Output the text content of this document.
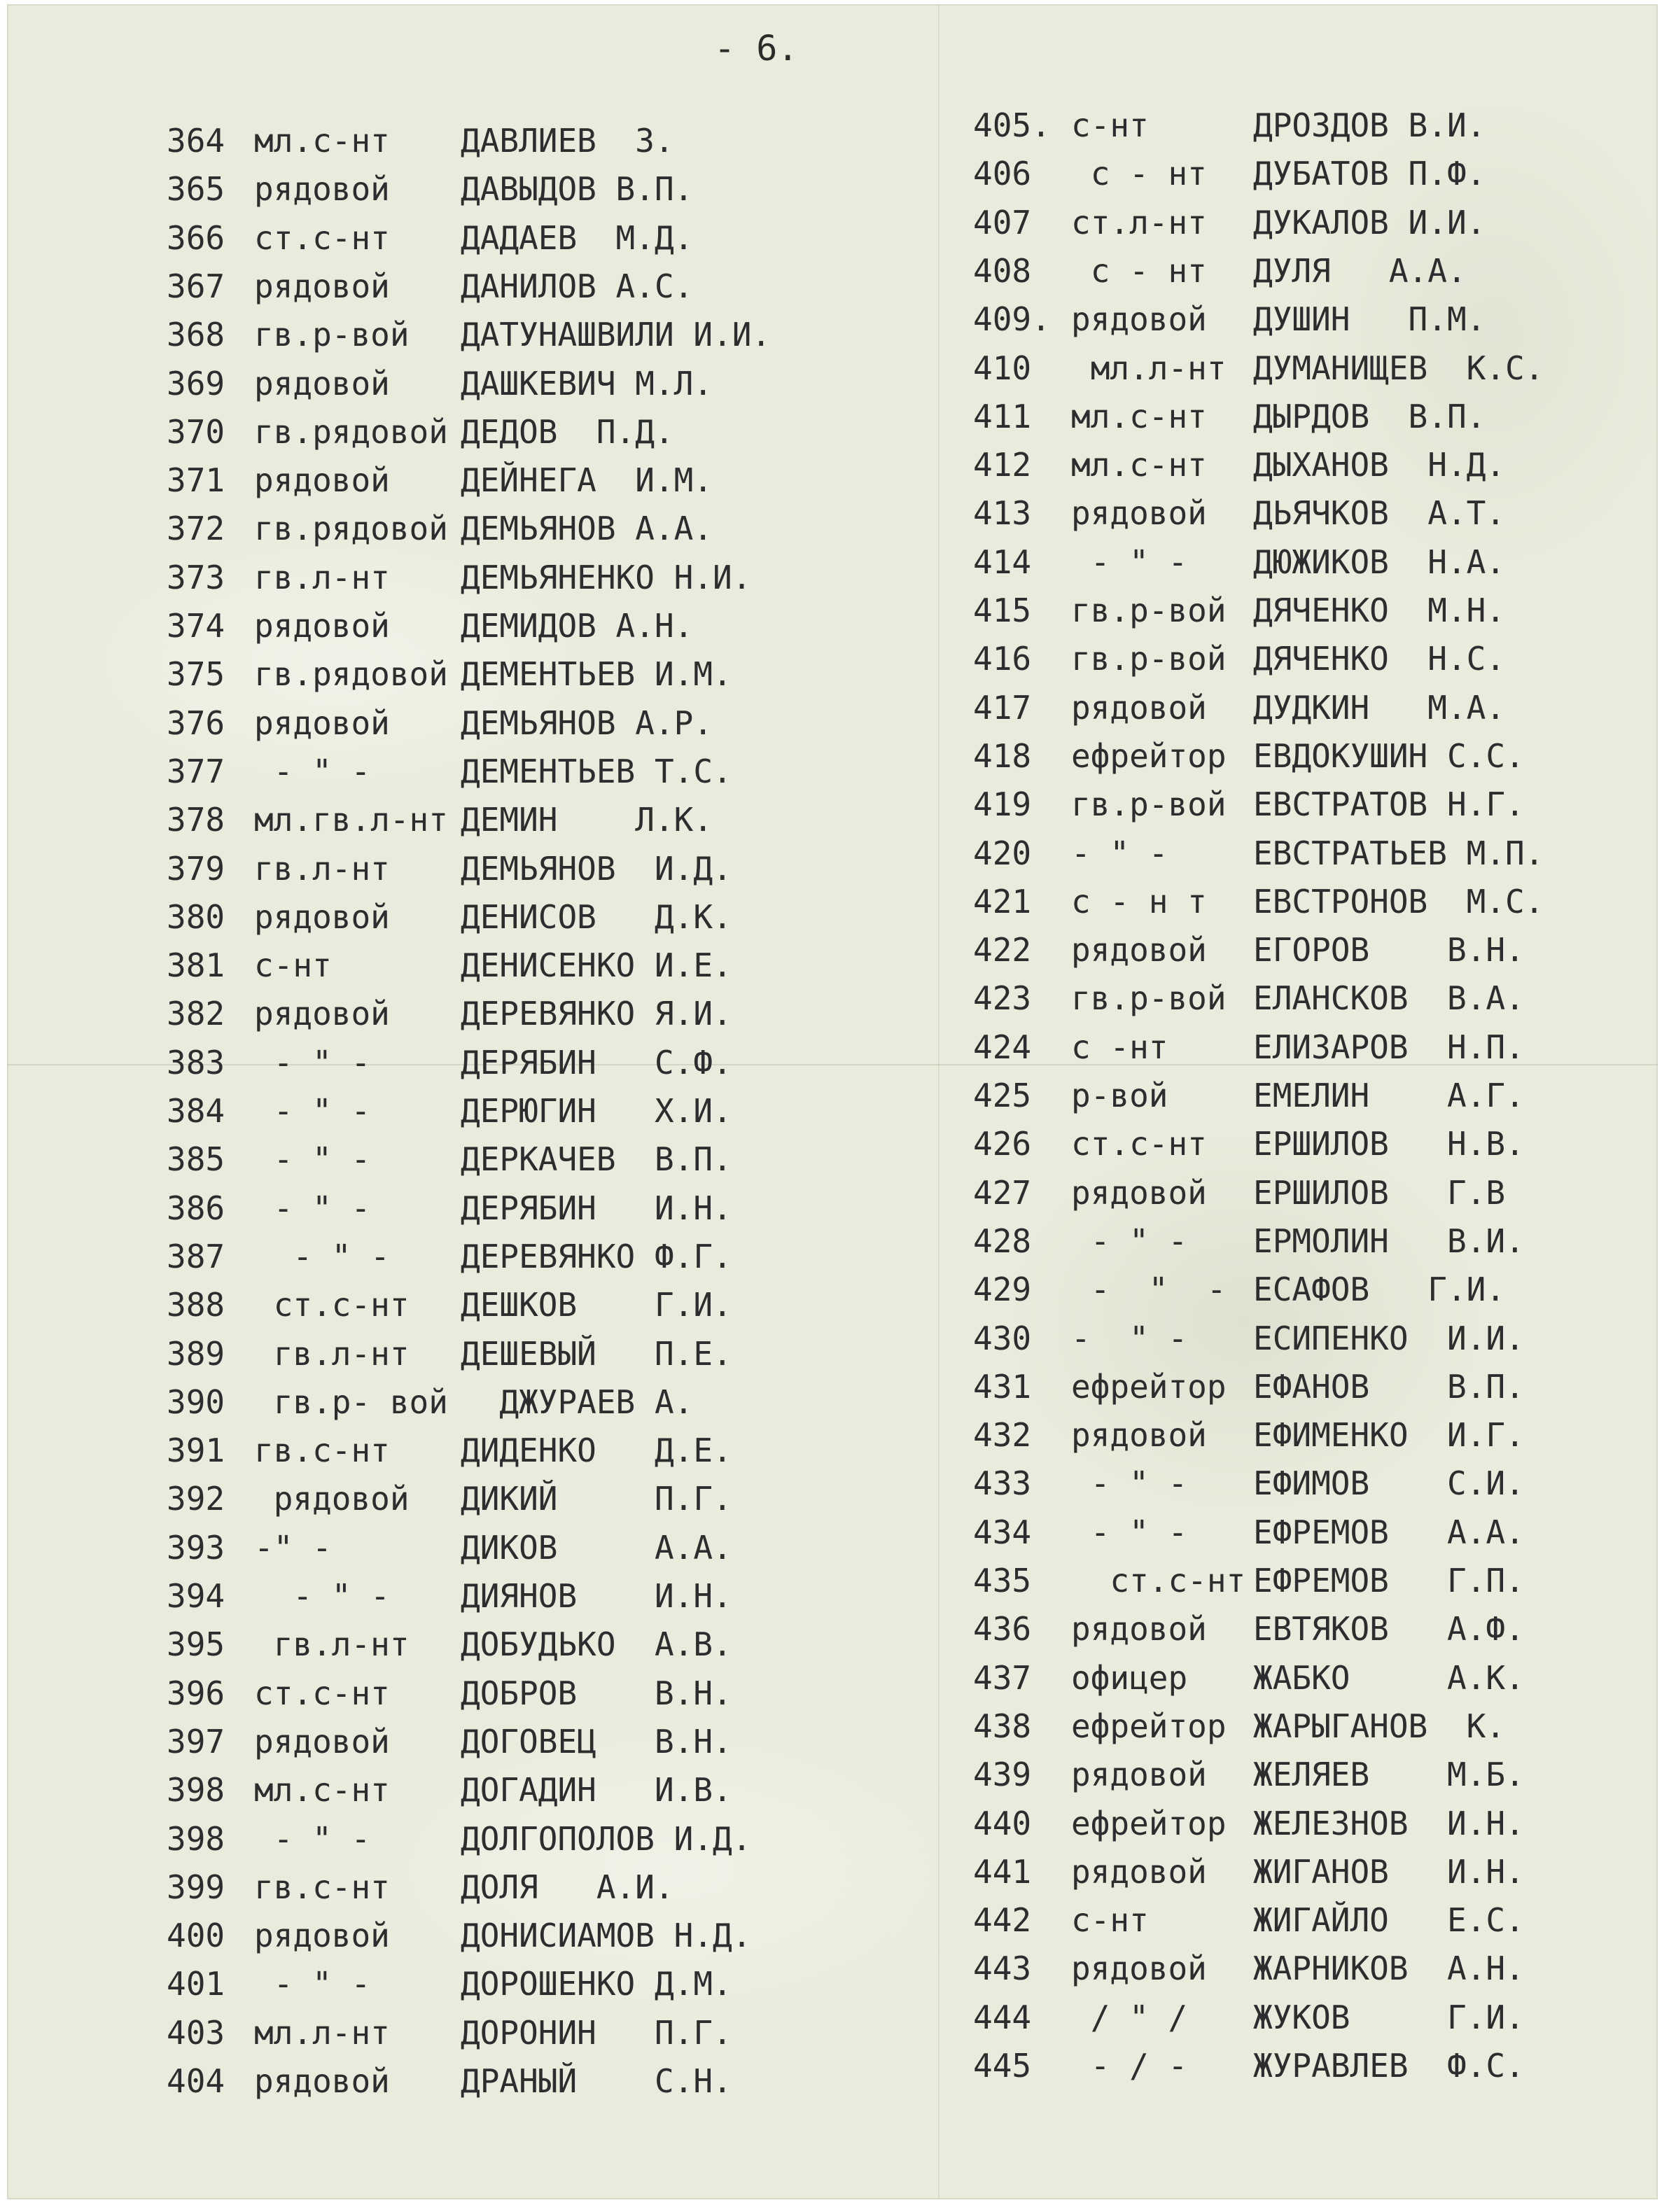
- 6.
364 мл.с-нт ДАВЛИЕВ  З.
365 рядовой ДАВЫДОВ В.П.
366 ст.с-нт ДАДАЕВ  М.Д.
367 рядовой ДАНИЛОВ А.С.
368 гв.р-вой ДАТУНАШВИЛИ И.И.
369 рядовой ДАШКЕВИЧ М.Л.
370 гв.рядовой ДЕДОВ  П.Д.
371 рядовой ДЕЙНЕГА  И.М.
372 гв.рядовой ДЕМЬЯНОВ А.А.
373 гв.л-нт ДЕМЬЯНЕНКО Н.И.
374 рядовой ДЕМИДОВ А.Н.
375 гв.рядовой ДЕМЕНТЬЕВ И.М.
376 рядовой ДЕМЬЯНОВ А.Р.
377 - " -	ДЕМЕНТЬЕВ Т.С.
378 мл.гв.л-нт ДЕМИН    Л.К.
379 гв.л-нт ДЕМЬЯНОВ  И.Д.
380 рядовой ДЕНИСОВ   Д.К.
381 с-нт	ДЕНИСЕНКО И.Е.
382 рядовой ДЕРЕВЯНКО Я.И.
383 - " -	ДЕРЯБИН   С.Ф.
384 - " -	ДЕРЮГИН   Х.И.
385 - " -	ДЕРКАЧЕВ  В.П.
386 - " -	ДЕРЯБИН   И.Н.
387 - " - ДЕРЕВЯНКО Ф.Г.
388 ст.с-нт ДЕШКОВ    Г.И.
389 гв.л-нт ДЕШЕВЫЙ   П.Е.
390 гв.р- вой ДЖУРАЕВ А.
391 гв.с-нт ДИДЕНКО   Д.Е.
392 рядовой ДИКИЙ     П.Г.
393 -" -	ДИКОВ     А.А.
394 - " - ДИЯНОВ    И.Н.
395 гв.л-нт ДОБУДЬКО  А.В.
396 ст.с-нт ДОБРОВ    В.Н.
397 рядовой ДОГОВЕЦ   В.Н.
398 мл.с-нт ДОГАДИН   И.В.
398 - " -	ДОЛГОПОЛОВ И.Д.
399 гв.с-нт ДОЛЯ   А.И.
400 рядовой ДОНИСИАМОВ Н.Д.
401 - " -	ДОРОШЕНКО Д.М.
403 мл.л-нт ДОРОНИН   П.Г.
404 рядовой ДРАНЫЙ    С.Н.
405. с-нт	ДРОЗДОВ В.И.
406 с - нт ДУБАТОВ П.Ф.
407 ст.л-нт ДУКАЛОВ И.И.
408 с - нт ДУЛЯ   А.А.
409. рядовой ДУШИН   П.М.
410 мл.л-нт ДУМАНИЩЕВ  К.С.
411 мл.с-нт ДЫРДОВ  В.П.
412 мл.с-нт ДЫХАНОВ  Н.Д.
413 рядовой ДЬЯЧКОВ  А.Т.
414 - " - ДЮЖИКОВ  Н.А.
415 гв.р-вой ДЯЧЕНКО  М.Н.
416 гв.р-вой ДЯЧЕНКО  Н.С.
417 рядовой ДУДКИН   М.А.
418 ефрейтор ЕВДОКУШИН С.С.
419 гв.р-вой ЕВСТРАТОВ Н.Г.
420 - " -	ЕВСТРАТЬЕВ М.П.
421 с - н т ЕВСТРОНОВ  М.С.
422 рядовой ЕГОРОВ    В.Н.
423 гв.р-вой ЕЛАНСКОВ  В.А.
424 с -нт	ЕЛИЗАРОВ  Н.П.
425 р-вой	ЕМЕЛИН    А.Г.
426 ст.с-нт ЕРШИЛОВ   Н.В.
427 рядовой ЕРШИЛОВ   Г.В
428 - " - ЕРМОЛИН   В.И.
429 -  "  - ЕСАФОВ   Г.И.
430 -  " - ЕСИПЕНКО  И.И.
431 ефрейтор ЕФАНОВ    В.П.
432 рядовой ЕФИМЕНКО  И.Г.
433 - " - ЕФИМОВ    С.И.
434 - " - ЕФРЕМОВ   А.А.
435 ст.с-нт ЕФРЕМОВ   Г.П.
436 рядовой ЕВТЯКОВ   А.Ф.
437 офицер ЖАБКО     А.К.
438 ефрейтор ЖАРЫГАНОВ  К.
439 рядовой ЖЕЛЯЕВ    М.Б.
440 ефрейтор ЖЕЛЕЗНОВ  И.Н.
441 рядовой ЖИГАНОВ   И.Н.
442 с-нт	ЖИГАЙЛО   Е.С.
443 рядовой ЖАРНИКОВ  А.Н.
444 / " / ЖУКОВ     Г.И.
445 - / - ЖУРАВЛЕВ  Ф.С.
